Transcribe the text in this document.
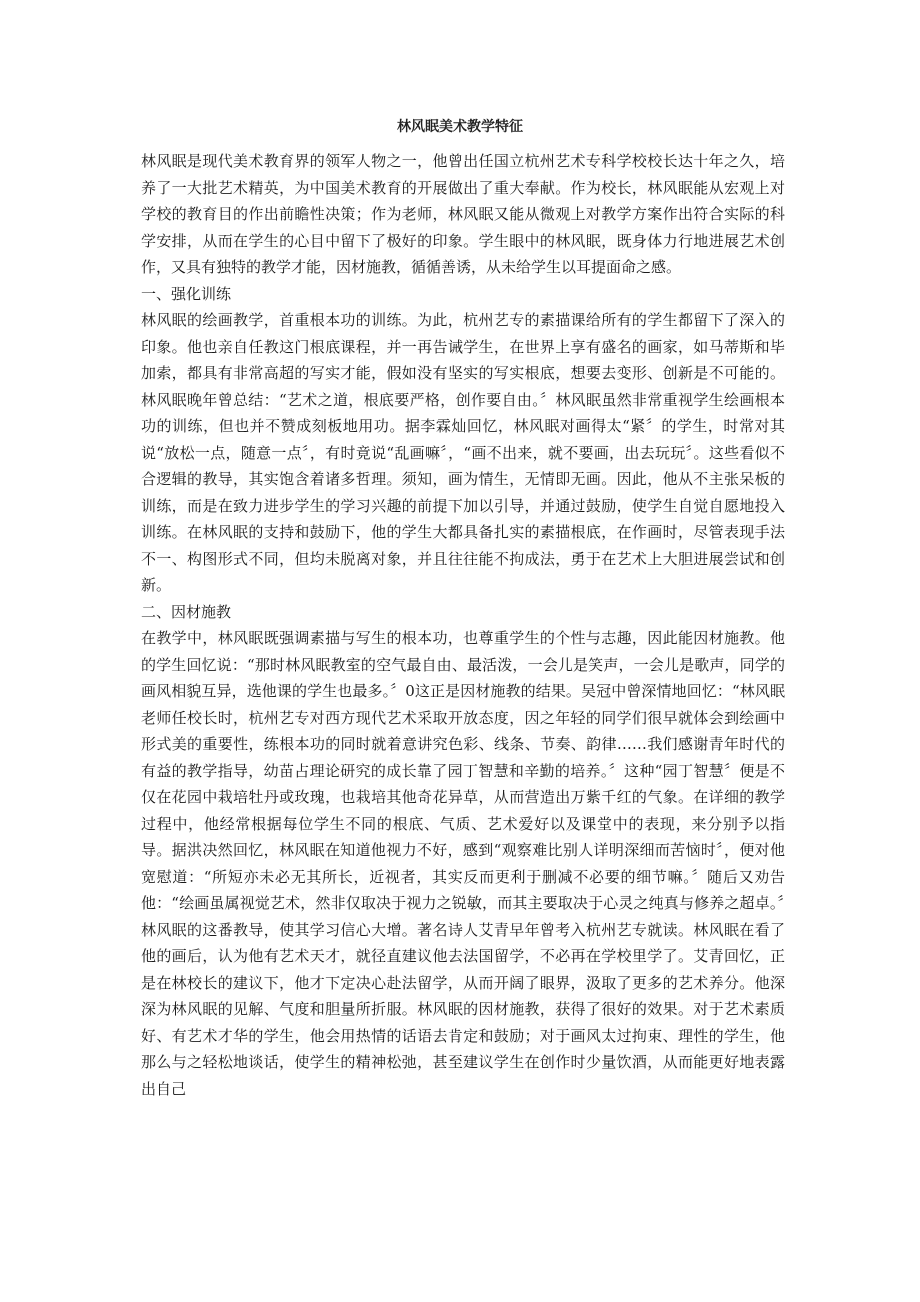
林风眠美术教学特征

林风眠是现代美术教育界的领军人物之一，他曾出任国立杭州艺术专科学校校长达十年之久，培养了一大批艺术精英，为中国美术教育的开展做出了重大奉献。作为校长，林风眠能从宏观上对学校的教育目的作出前瞻性决策；作为老师，林风眠又能从微观上对教学方案作出符合实际的科学安排，从而在学生的心目中留下了极好的印象。学生眼中的林风眠，既身体力行地进展艺术创作，又具有独特的教学才能，因材施教，循循善诱，从未给学生以耳提面命之感。

一、强化训练

林风眠的绘画教学，首重根本功的训练。为此，杭州艺专的素描课给所有的学生都留下了深入的印象。他也亲自任教这门根底课程，并一再告诫学生，在世界上享有盛名的画家，如马蒂斯和毕加索，都具有非常高超的写实才能，假如没有坚实的写实根底，想要去变形、创新是不可能的。林风眠晚年曾总结：“艺术之道，根底要严格，创作要自由。〞林风眠虽然非常重视学生绘画根本功的训练，但也并不赞成刻板地用功。据李霖灿回忆，林风眠对画得太“紧〞的学生，时常对其说“放松一点，随意一点〞，有时竟说“乱画嘛〞，“画不出来，就不要画，出去玩玩〞。这些看似不合逻辑的教导，其实饱含着诸多哲理。须知，画为情生，无情即无画。因此，他从不主张呆板的训练，而是在致力进步学生的学习兴趣的前提下加以引导，并通过鼓励，使学生自觉自愿地投入训练。在林风眠的支持和鼓励下，他的学生大都具备扎实的素描根底，在作画时，尽管表现手法不一、构图形式不同，但均未脱离对象，并且往往能不拘成法，勇于在艺术上大胆进展尝试和创新。

二、因材施教

在教学中，林风眠既强调素描与写生的根本功，也尊重学生的个性与志趣，因此能因材施教。他的学生回忆说：“那时林风眠教室的空气最自由、最活泼，一会儿是笑声，一会儿是歌声，同学的画风相貌互异，选他课的学生也最多。〞0这正是因材施教的结果。吴冠中曾深情地回忆：“林风眠老师任校长时，杭州艺专对西方现代艺术采取开放态度，因之年轻的同学们很早就体会到绘画中形式美的重要性，练根本功的同时就着意讲究色彩、线条、节奏、韵律……我们感谢青年时代的有益的教学指导，幼苗占理论研究的成长靠了园丁智慧和辛勤的培养。〞这种“园丁智慧〞便是不仅在花园中栽培牡丹或玫瑰，也栽培其他奇花异草，从而营造出万紫千红的气象。在详细的教学过程中，他经常根据每位学生不同的根底、气质、艺术爱好以及课堂中的表现，来分别予以指导。据洪决然回忆，林风眠在知道他视力不好，感到“观察难比别人详明深细而苦恼时〞，便对他宽慰道：“所短亦未必无其所长，近视者，其实反而更利于删减不必要的细节嘛。〞随后又劝告他：“绘画虽属视觉艺术，然非仅取决于视力之锐敏，而其主要取决于心灵之纯真与修养之超卓。〞林风眠的这番教导，使其学习信心大增。著名诗人艾青早年曾考入杭州艺专就读。林风眠在看了他的画后，认为他有艺术天才，就径直建议他去法国留学，不必再在学校里学了。艾青回忆，正是在林校长的建议下，他才下定决心赴法留学，从而开阔了眼界，汲取了更多的艺术养分。他深深为林风眠的见解、气度和胆量所折服。林风眠的因材施教，获得了很好的效果。对于艺术素质好、有艺术才华的学生，他会用热情的话语去肯定和鼓励；对于画风太过拘束、理性的学生，他那么与之轻松地谈话，使学生的精神松弛，甚至建议学生在创作时少量饮酒，从而能更好地表露出自己
